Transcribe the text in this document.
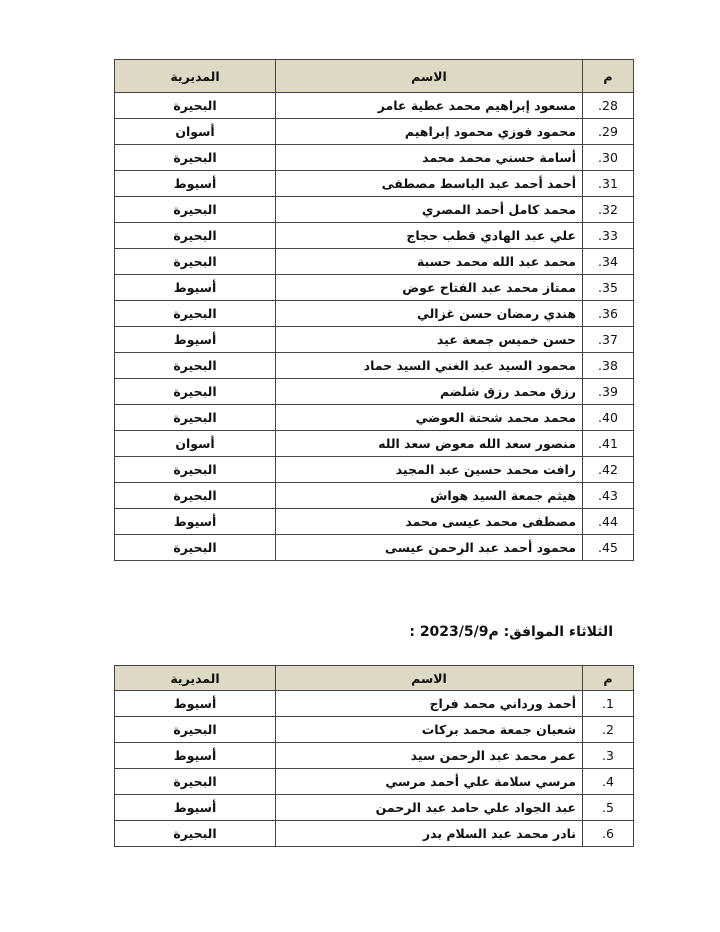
م	الاسم	المديرية
.28	مسعود إبراهيم محمد عطية عامر	البحيرة
.29	محمود فوزي محمود إبراهيم	أسوان
.30	أسامة حسني محمد محمد	البحيرة
.31	أحمد أحمد عبد الباسط مصطفى	أسيوط
.32	محمد كامل أحمد المصري	البحيرة
.33	علي عبد الهادي قطب حجاج	البحيرة
.34	محمد عبد الله محمد حسبة	البحيرة
.35	ممتاز محمد عبد الفتاح عوض	أسيوط
.36	هندي رمضان حسن غزالي	البحيرة
.37	حسن خميس جمعة عيد	أسيوط
.38	محمود السيد عبد الغني السيد حماد	البحيرة
.39	رزق محمد رزق شلضم	البحيرة
.40	محمد محمد شحتة العوضي	البحيرة
.41	منصور سعد الله معوض سعد الله	أسوان
.42	رافت محمد حسين عبد المجيد	البحيرة
.43	هيثم جمعة السيد هواش	البحيرة
.44	مصطفى محمد عيسى محمد	أسيوط
.45	محمود أحمد عبد الرحمن عيسى	البحيرة
الثلاثاء الموافق: 2023/5/9م :
م	الاسم	المديرية
.1	أحمد ورداني محمد فراج	أسيوط
.2	شعبان جمعة محمد بركات	البحيرة
.3	عمر محمد عبد الرحمن سيد	أسيوط
.4	مرسي سلامة علي أحمد مرسي	البحيرة
.5	عبد الجواد علي حامد عبد الرحمن	أسيوط
.6	نادر محمد عبد السلام بدر	البحيرة
